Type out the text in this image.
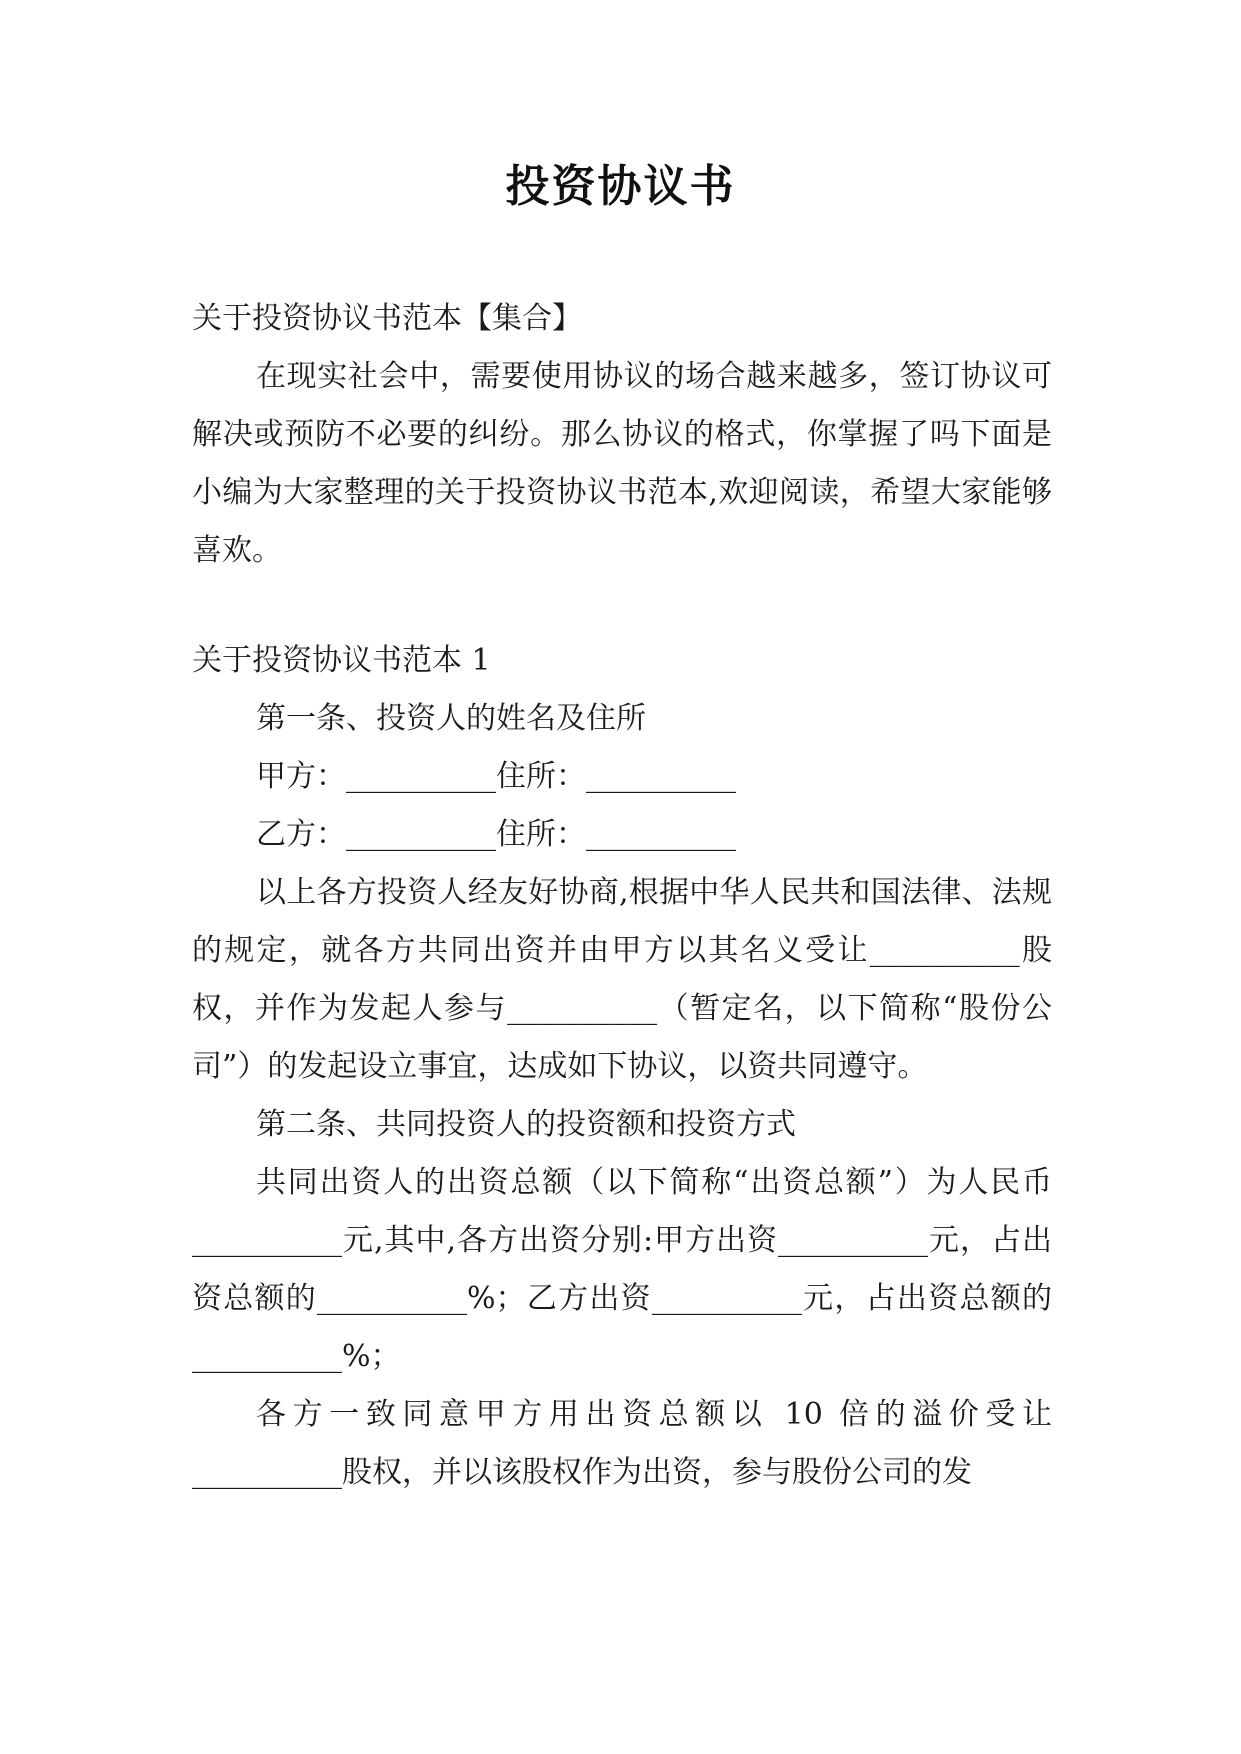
投资协议书

关于投资协议书范本【集合】

在现实社会中，需要使用协议的场合越来越多，签订协议可解决或预防不必要的纠纷。那么协议的格式，你掌握了吗下面是小编为大家整理的关于投资协议书范本,欢迎阅读，希望大家能够喜欢。

关于投资协议书范本 1

第一条、投资人的姓名及住所

甲方：__________住所：__________

乙方：__________住所：__________

以上各方投资人经友好协商,根据中华人民共和国法律、法规的规定，就各方共同出资并由甲方以其名义受让__________股权，并作为发起人参与__________（暂定名，以下简称“股份公司”）的发起设立事宜，达成如下协议，以资共同遵守。

第二条、共同投资人的投资额和投资方式

共同出资人的出资总额（以下简称“出资总额”）为人民币__________元,其中,各方出资分别:甲方出资__________元，占出资总额的__________%；乙方出资__________元，占出资总额的__________%；

各方一致同意甲方用出资总额以 10 倍的溢价受让__________股权，并以该股权作为出资，参与股份公司的发
